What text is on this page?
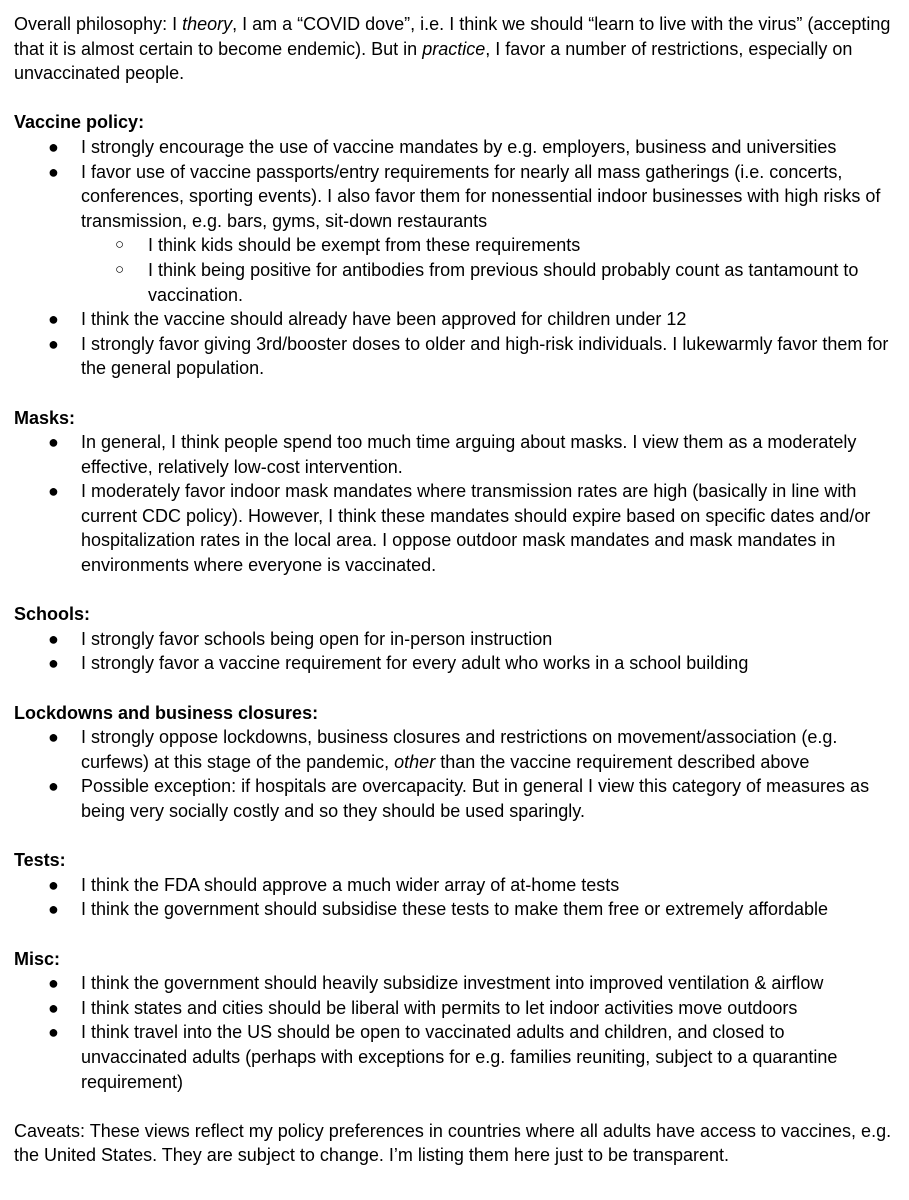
Overall philosophy: I theory, I am a “COVID dove”, i.e. I think we should “learn to live with the virus” (accepting that it is almost certain to become endemic). But in practice, I favor a number of restrictions, especially on unvaccinated people.

Vaccine policy:

● I strongly encourage the use of vaccine mandates by e.g. employers, business and universities
● I favor use of vaccine passports/entry requirements for nearly all mass gatherings (i.e. concerts, conferences, sporting events). I also favor them for nonessential indoor businesses with high risks of transmission, e.g. bars, gyms, sit-down restaurants
○ I think kids should be exempt from these requirements
○ I think being positive for antibodies from previous should probably count as tantamount to vaccination.
● I think the vaccine should already have been approved for children under 12
● I strongly favor giving 3rd/booster doses to older and high-risk individuals. I lukewarmly favor them for the general population.

Masks:

● In general, I think people spend too much time arguing about masks. I view them as a moderately effective, relatively low-cost intervention.
● I moderately favor indoor mask mandates where transmission rates are high (basically in line with current CDC policy). However, I think these mandates should expire based on specific dates and/or hospitalization rates in the local area. I oppose outdoor mask mandates and mask mandates in environments where everyone is vaccinated.

Schools:

● I strongly favor schools being open for in-person instruction
● I strongly favor a vaccine requirement for every adult who works in a school building

Lockdowns and business closures:

● I strongly oppose lockdowns, business closures and restrictions on movement/association (e.g. curfews) at this stage of the pandemic, other than the vaccine requirement described above
● Possible exception: if hospitals are overcapacity. But in general I view this category of measures as being very socially costly and so they should be used sparingly.

Tests:

● I think the FDA should approve a much wider array of at-home tests
● I think the government should subsidise these tests to make them free or extremely affordable

Misc:

● I think the government should heavily subsidize investment into improved ventilation & airflow
● I think states and cities should be liberal with permits to let indoor activities move outdoors
● I think travel into the US should be open to vaccinated adults and children, and closed to unvaccinated adults (perhaps with exceptions for e.g. families reuniting, subject to a quarantine requirement)

Caveats: These views reflect my policy preferences in countries where all adults have access to vaccines, e.g. the United States. They are subject to change. I’m listing them here just to be transparent.
